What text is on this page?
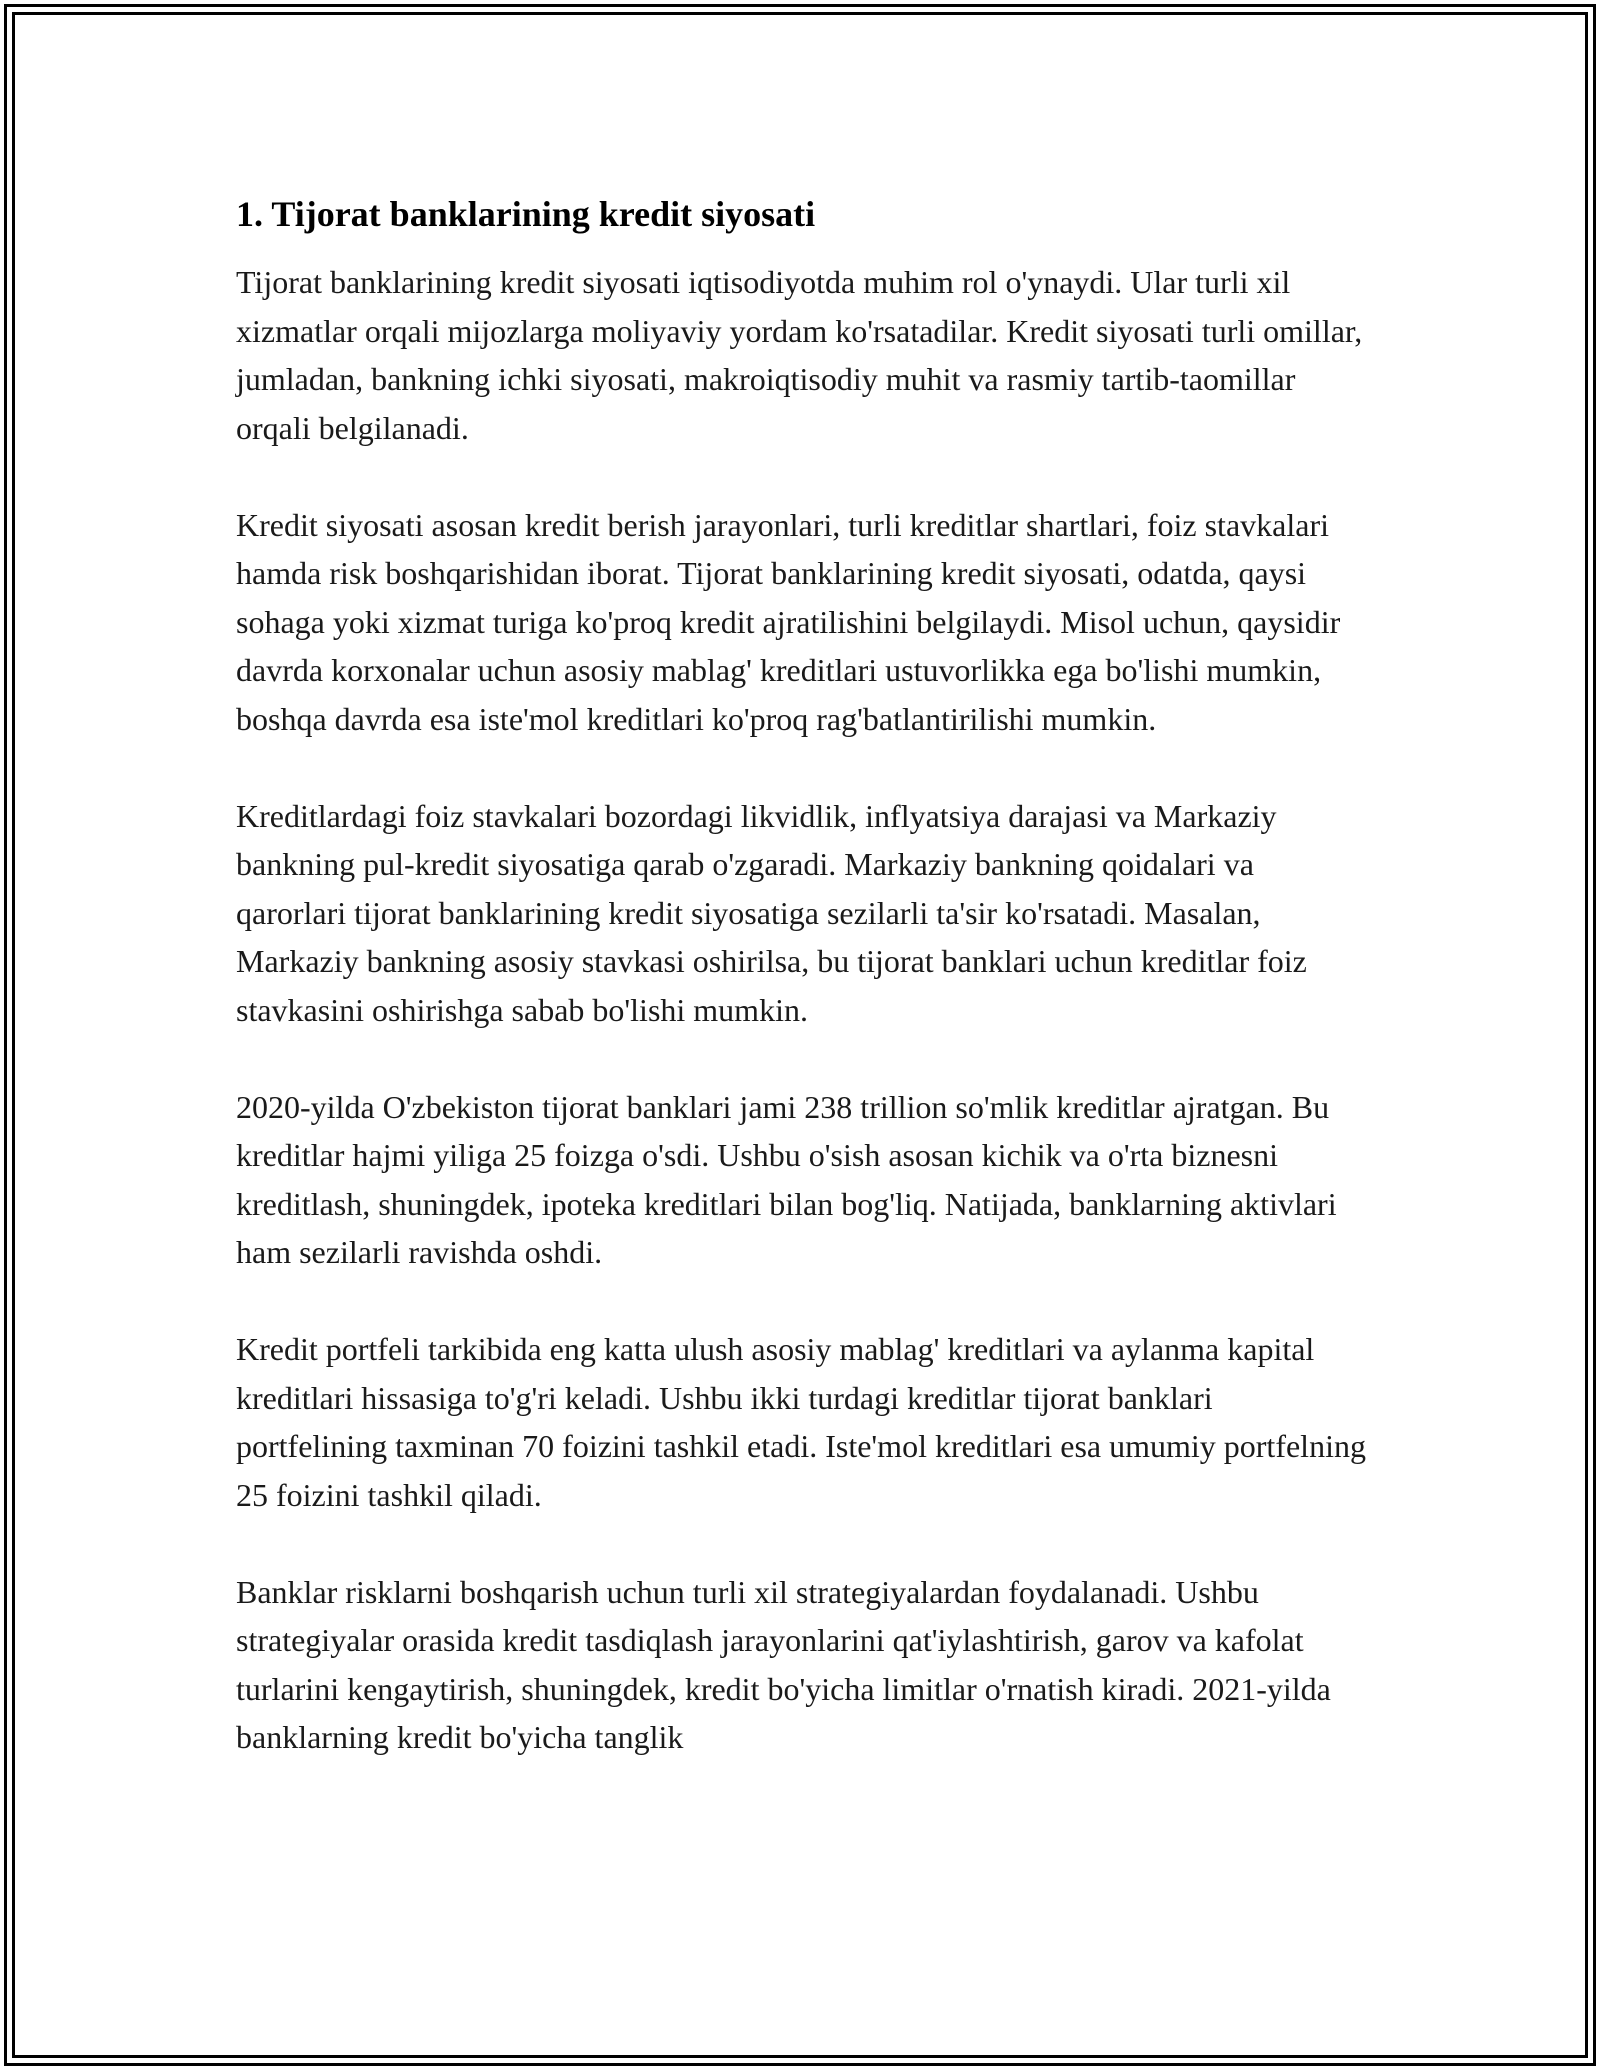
1. Tijorat banklarining kredit siyosati

Tijorat banklarining kredit siyosati iqtisodiyotda muhim rol o'ynaydi. Ular turli xil xizmatlar orqali mijozlarga moliyaviy yordam ko'rsatadilar. Kredit siyosati turli omillar, jumladan, bankning ichki siyosati, makroiqtisodiy muhit va rasmiy tartib-taomillar orqali belgilanadi.

Kredit siyosati asosan kredit berish jarayonlari, turli kreditlar shartlari, foiz stavkalari hamda risk boshqarishidan iborat. Tijorat banklarining kredit siyosati, odatda, qaysi sohaga yoki xizmat turiga ko'proq kredit ajratilishini belgilaydi. Misol uchun, qaysidir davrda korxonalar uchun asosiy mablag' kreditlari ustuvorlikka ega bo'lishi mumkin, boshqa davrda esa iste'mol kreditlari ko'proq rag'batlantirilishi mumkin.

Kreditlardagi foiz stavkalari bozordagi likvidlik, inflyatsiya darajasi va Markaziy bankning pul-kredit siyosatiga qarab o'zgaradi. Markaziy bankning qoidalari va qarorlari tijorat banklarining kredit siyosatiga sezilarli ta'sir ko'rsatadi. Masalan, Markaziy bankning asosiy stavkasi oshirilsa, bu tijorat banklari uchun kreditlar foiz stavkasini oshirishga sabab bo'lishi mumkin.

2020-yilda O'zbekiston tijorat banklari jami 238 trillion so'mlik kreditlar ajratgan. Bu kreditlar hajmi yiliga 25 foizga o'sdi. Ushbu o'sish asosan kichik va o'rta biznesni kreditlash, shuningdek, ipoteka kreditlari bilan bog'liq. Natijada, banklarning aktivlari ham sezilarli ravishda oshdi.

Kredit portfeli tarkibida eng katta ulush asosiy mablag' kreditlari va aylanma kapital kreditlari hissasiga to'g'ri keladi. Ushbu ikki turdagi kreditlar tijorat banklari portfelining taxminan 70 foizini tashkil etadi. Iste'mol kreditlari esa umumiy portfelning 25 foizini tashkil qiladi.

Banklar risklarni boshqarish uchun turli xil strategiyalardan foydalanadi. Ushbu strategiyalar orasida kredit tasdiqlash jarayonlarini qat'iylashtirish, garov va kafolat turlarini kengaytirish, shuningdek, kredit bo'yicha limitlar o'rnatish kiradi. 2021-yilda banklarning kredit bo'yicha tanglik
